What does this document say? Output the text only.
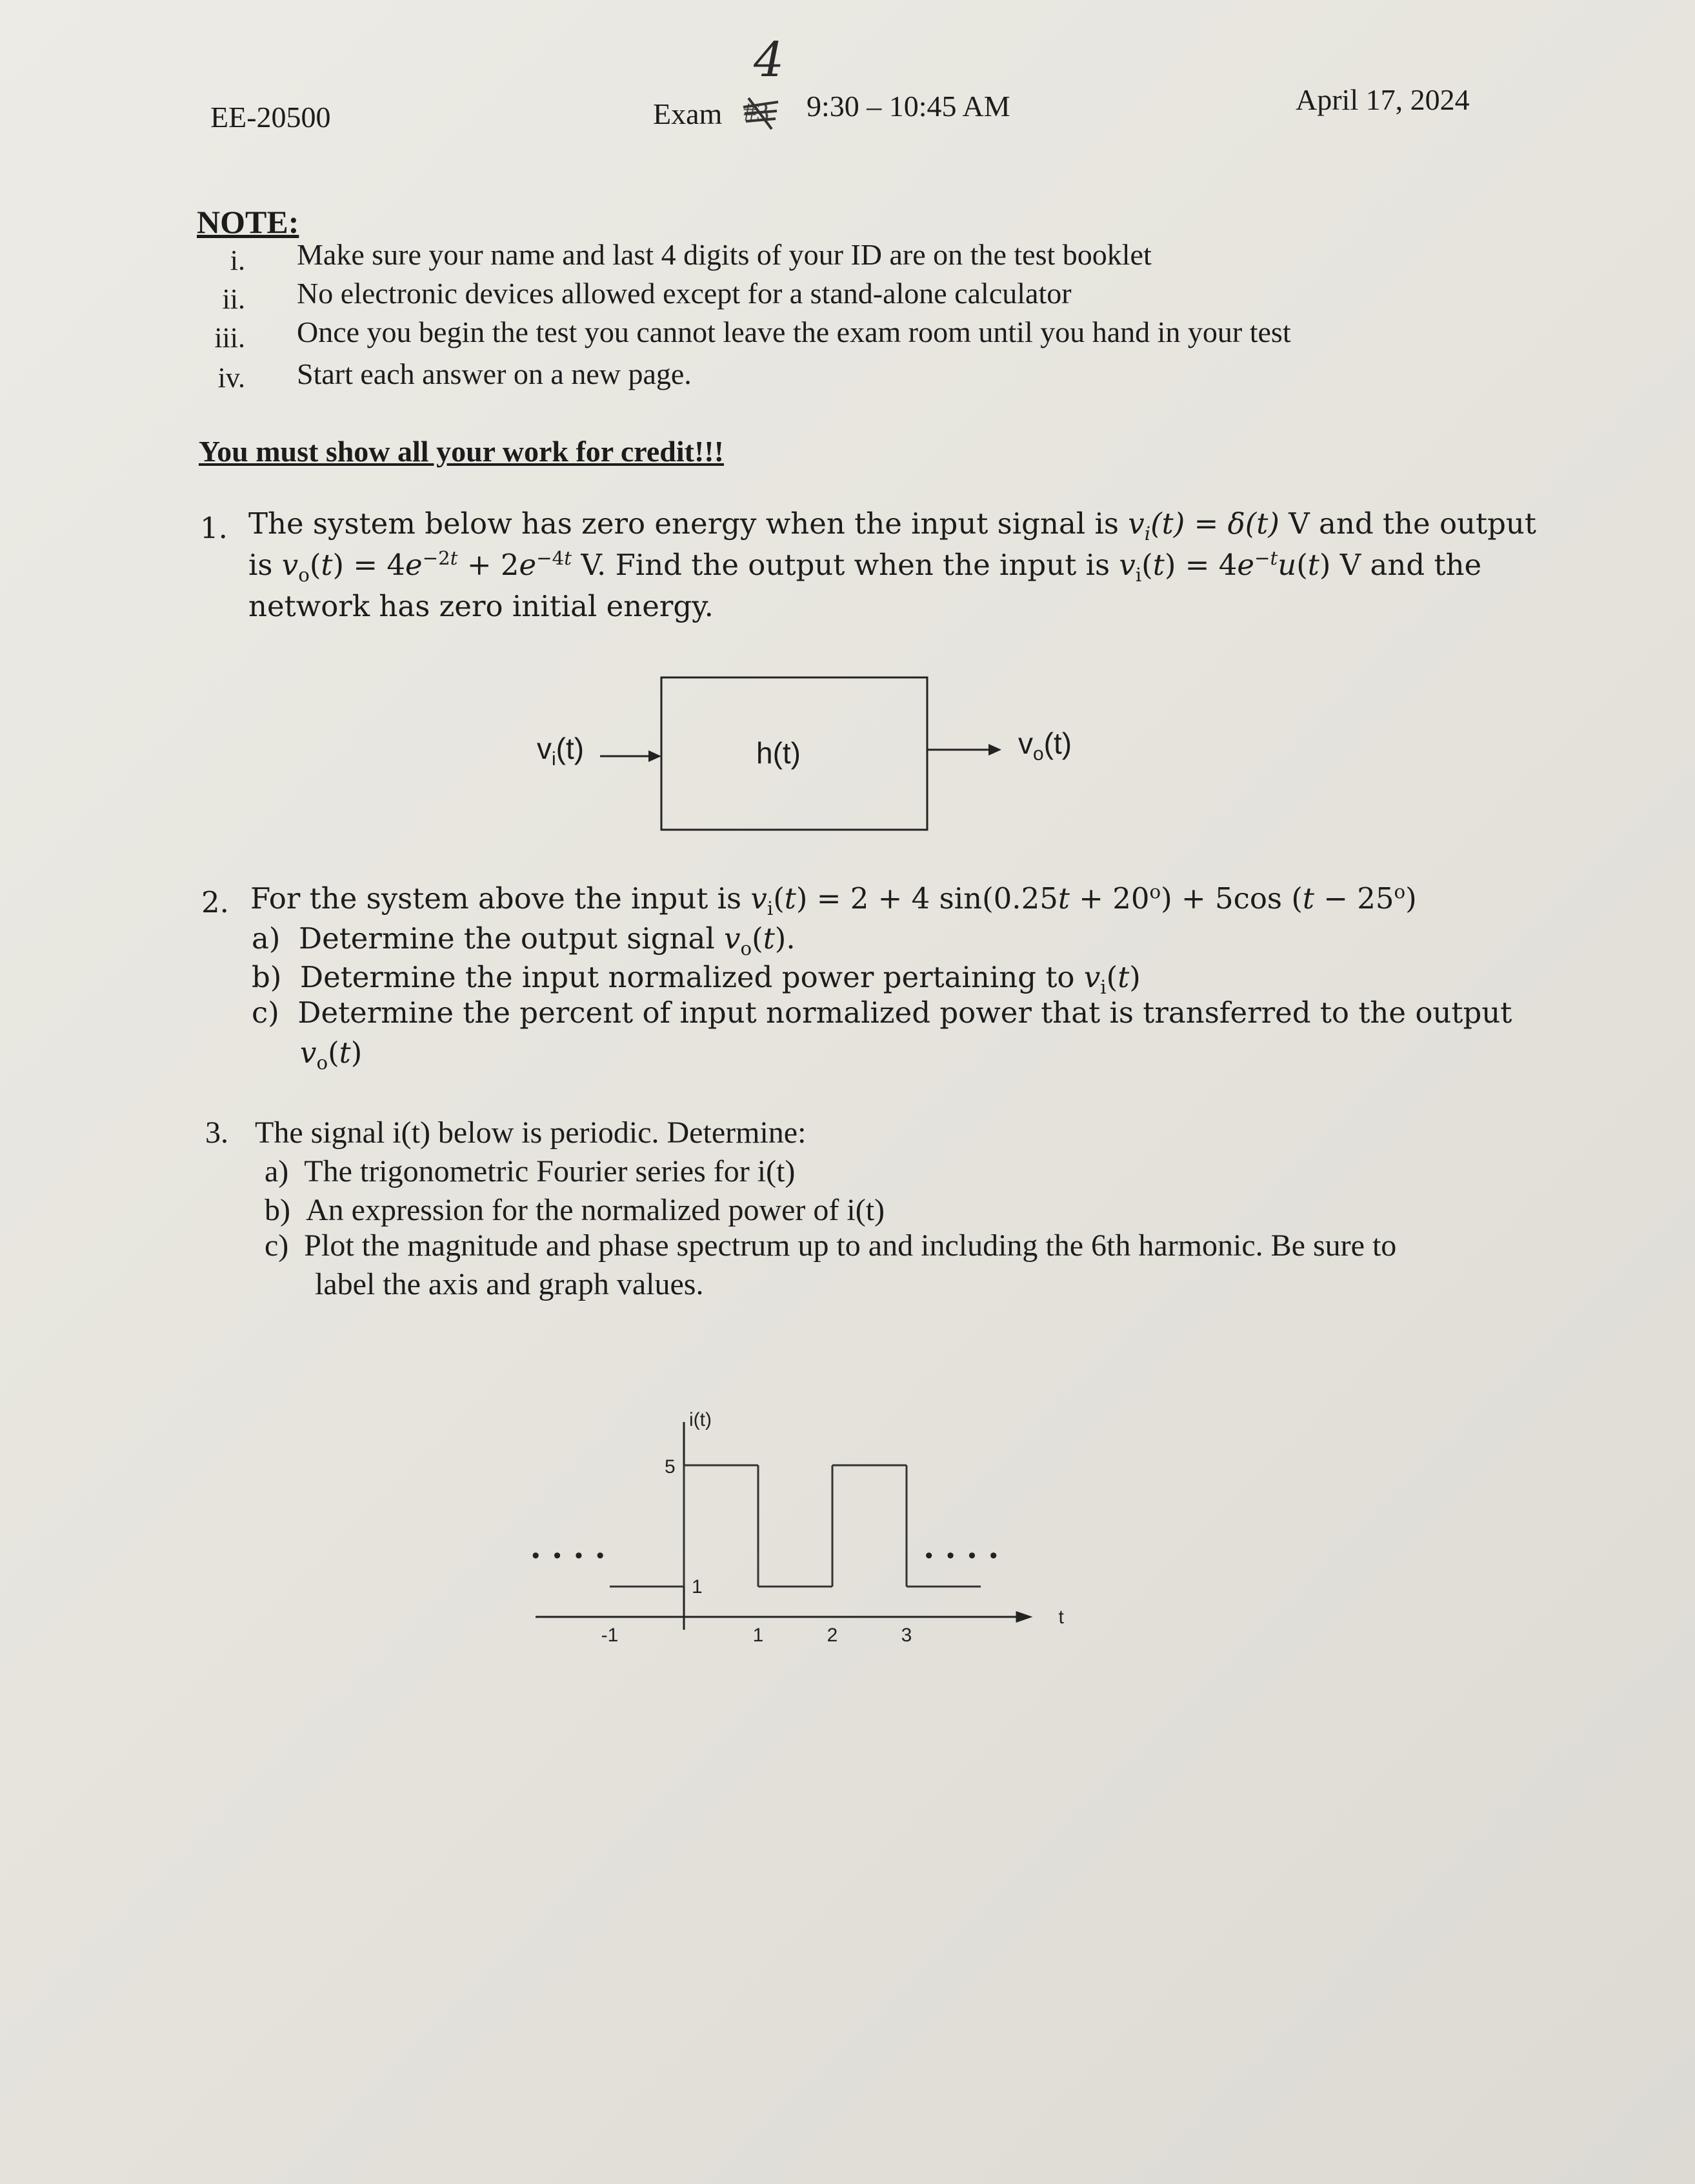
EE-20500	Exam #3
4
9:30 – 10:45 AM	April 17, 2024
NOTE:
i. Make sure your name and last 4 digits of your ID are on the test booklet
ii. No electronic devices allowed except for a stand-alone calculator
iii. Once you begin the test you cannot leave the exam room until you hand in your test
iv. Start each answer on a new page.
You must show all your work for credit!!!
1. The system below has zero energy when the input signal is $v_i(t) = \delta(t)$ V and the output
is $v_o(t) = 4e^{-2t} + 2e^{-4t}$ V. Find the output when the input is $v_i(t) = 4e^{-t}u(t)$ V and the
network has zero initial energy.
$v_i(t)$	h(t)	$v_o(t)$
2. For the system above the input is $v_i(t) = 2 + 4$ $\sin(0.25t + 20^o) + 5\cos$ $(t - 25^o)$
a) Determine the output signal $v_o(t)$.
b) Determine the input normalized power pertaining to $v_i(t)$
c) Determine the percent of input normalized power that is transferred to the output
$v_o(t)$
3. The signal i(t) below is periodic. Determine:
a) The trigonometric Fourier series for i(t)
b) An expression for the normalized power of i(t)
c) Plot the magnitude and phase spectrum up to and including the 6th harmonic. Be sure to
label the axis and graph values.
-1	1	2	3
1
5
i(t)
t
• • • •	• • • •
